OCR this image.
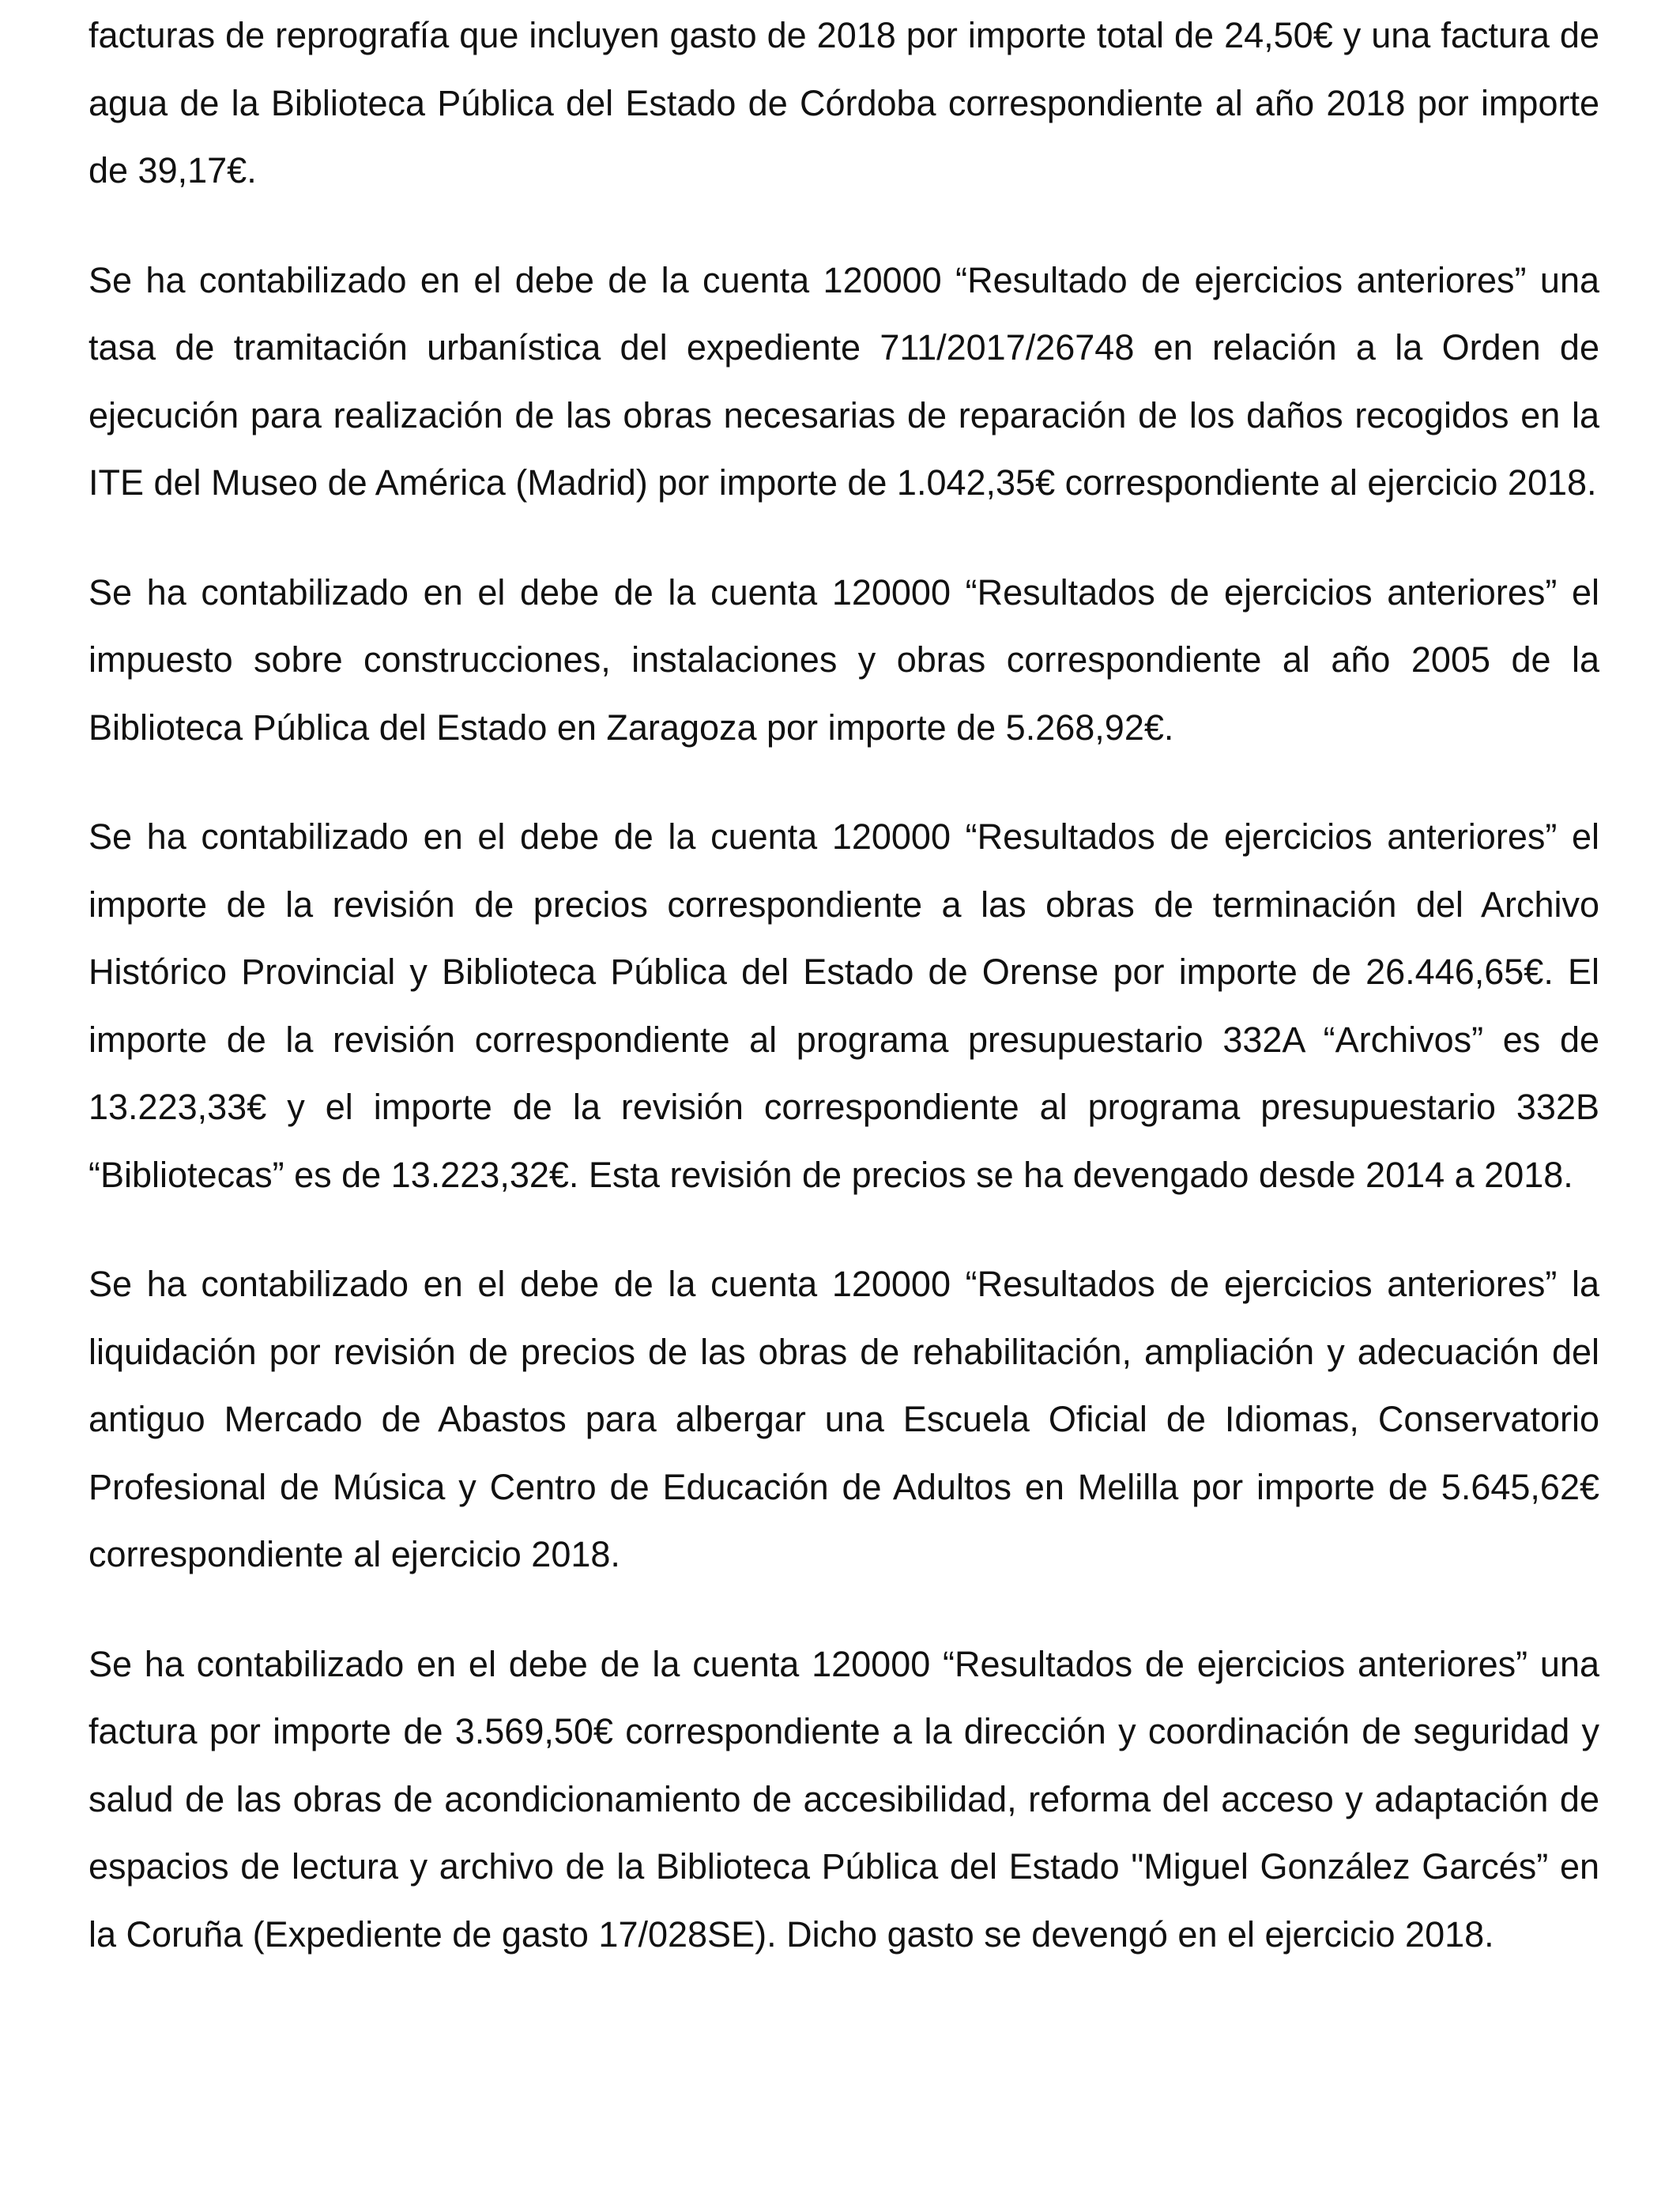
facturas de reprografía que incluyen gasto de 2018 por importe total de 24,50€ y una factura de agua de la Biblioteca Pública del Estado de Córdoba correspondiente al año 2018 por importe de 39,17€.

Se ha contabilizado en el debe de la cuenta 120000 “Resultado de ejercicios anteriores” una tasa de tramitación urbanística del expediente 711/2017/26748 en relación a la Orden de ejecución para realización de las obras necesarias de reparación de los daños recogidos en la ITE del Museo de América (Madrid) por importe de 1.042,35€ correspondiente al ejercicio 2018.

Se ha contabilizado en el debe de la cuenta 120000 “Resultados de ejercicios anteriores” el impuesto sobre construcciones, instalaciones y obras correspondiente al año 2005 de la Biblioteca Pública del Estado en Zaragoza por importe de 5.268,92€.

Se ha contabilizado en el debe de la cuenta 120000 “Resultados de ejercicios anteriores” el importe de la revisión de precios correspondiente a las obras de terminación del Archivo Histórico Provincial y Biblioteca Pública del Estado de Orense por importe de 26.446,65€. El importe de la revisión correspondiente al programa presupuestario 332A “Archivos” es de 13.223,33€ y el importe de la revisión correspondiente al programa presupuestario 332B “Bibliotecas” es de 13.223,32€. Esta revisión de precios se ha devengado desde 2014 a 2018.

Se ha contabilizado en el debe de la cuenta 120000 “Resultados de ejercicios anteriores” la liquidación por revisión de precios de las obras de rehabilitación, ampliación y adecuación del antiguo Mercado de Abastos para albergar una Escuela Oficial de Idiomas, Conservatorio Profesional de Música y Centro de Educación de Adultos en Melilla por importe de 5.645,62€ correspondiente al ejercicio 2018.

Se ha contabilizado en el debe de la cuenta 120000 “Resultados de ejercicios anteriores” una factura por importe de 3.569,50€ correspondiente a la dirección y coordinación de seguridad y salud de las obras de acondicionamiento de accesibilidad, reforma del acceso y adaptación de espacios de lectura y archivo de la Biblioteca Pública del Estado "Miguel González Garcés” en la Coruña (Expediente de gasto 17/028SE). Dicho gasto se devengó en el ejercicio 2018.
